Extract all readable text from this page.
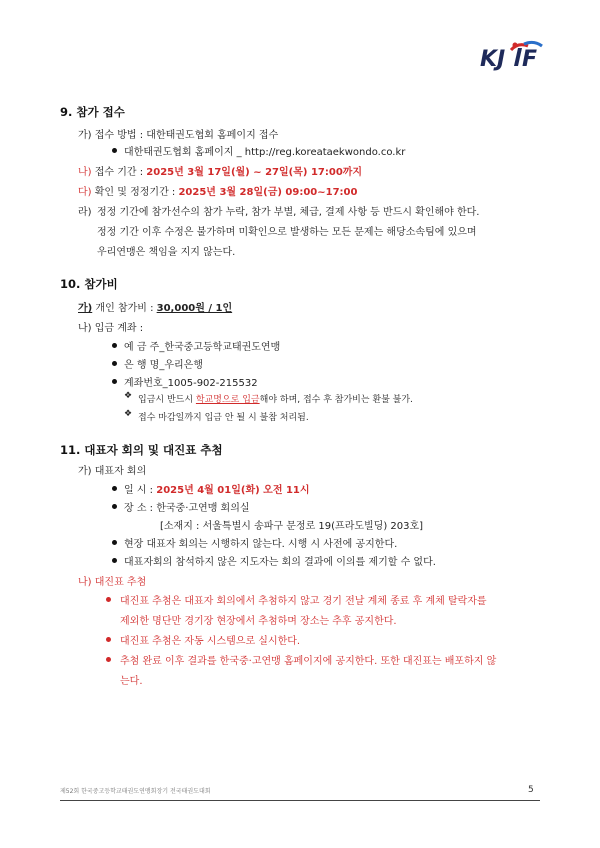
KJ F
9. 참가 접수
가) 접수 방법 : 대한태권도협회 홈페이지 접수
대한태권도협회 홈페이지 _ http://reg.koreataekwondo.co.kr
나) 접수 기간 : 2025년 3월 17일(월) ~ 27일(목) 17:00까지
다) 확인 및 정정기간 : 2025년 3월 28일(금) 09:00~17:00
라) 정정 기간에 참가선수의 참가 누락, 참가 부별, 체급, 결제 사항 등 반드시 확인해야 한다.
정정 기간 이후 수정은 불가하며 미확인으로 발생하는 모든 문제는 해당소속팀에 있으며
우리연맹은 책임을 지지 않는다.
10. 참가비
가) 개인 참가비 : 30,000원 / 1인
나) 입금 계좌 :
예 금 주_한국중고등학교태권도연맹
은 행 명_우리은행
계좌번호_1005-902-215532
❖ 입금시 반드시 학교명으로 입금해야 하며, 접수 후 참가비는 환불 불가.
❖ 접수 마감일까지 입금 안 될 시 불참 처리됨.
11. 대표자 회의 및 대진표 추첨
가) 대표자 회의
일 시 : 2025년 4월 01일(화) 오전 11시
장 소 : 한국중·고연맹 회의실
[소재지 : 서울특별시 송파구 문정로 19(프라도빌딩) 203호]
현장 대표자 회의는 시행하지 않는다. 시행 시 사전에 공지한다.
대표자회의 참석하지 않은 지도자는 회의 결과에 이의를 제기할 수 없다.
나) 대진표 추첨
대진표 추첨은 대표자 회의에서 추첨하지 않고 경기 전날 계체 종료 후 계체 탈락자를
제외한 명단만 경기장 현장에서 추첨하며 장소는 추후 공지한다.
대진표 추첨은 자동 시스템으로 실시한다.
추첨 완료 이후 결과를 한국중·고연맹 홈페이지에 공지한다. 또한 대진표는 배포하지 않
는다.
제52회 한국중고등학교태권도연맹회장기 전국태권도대회	5
